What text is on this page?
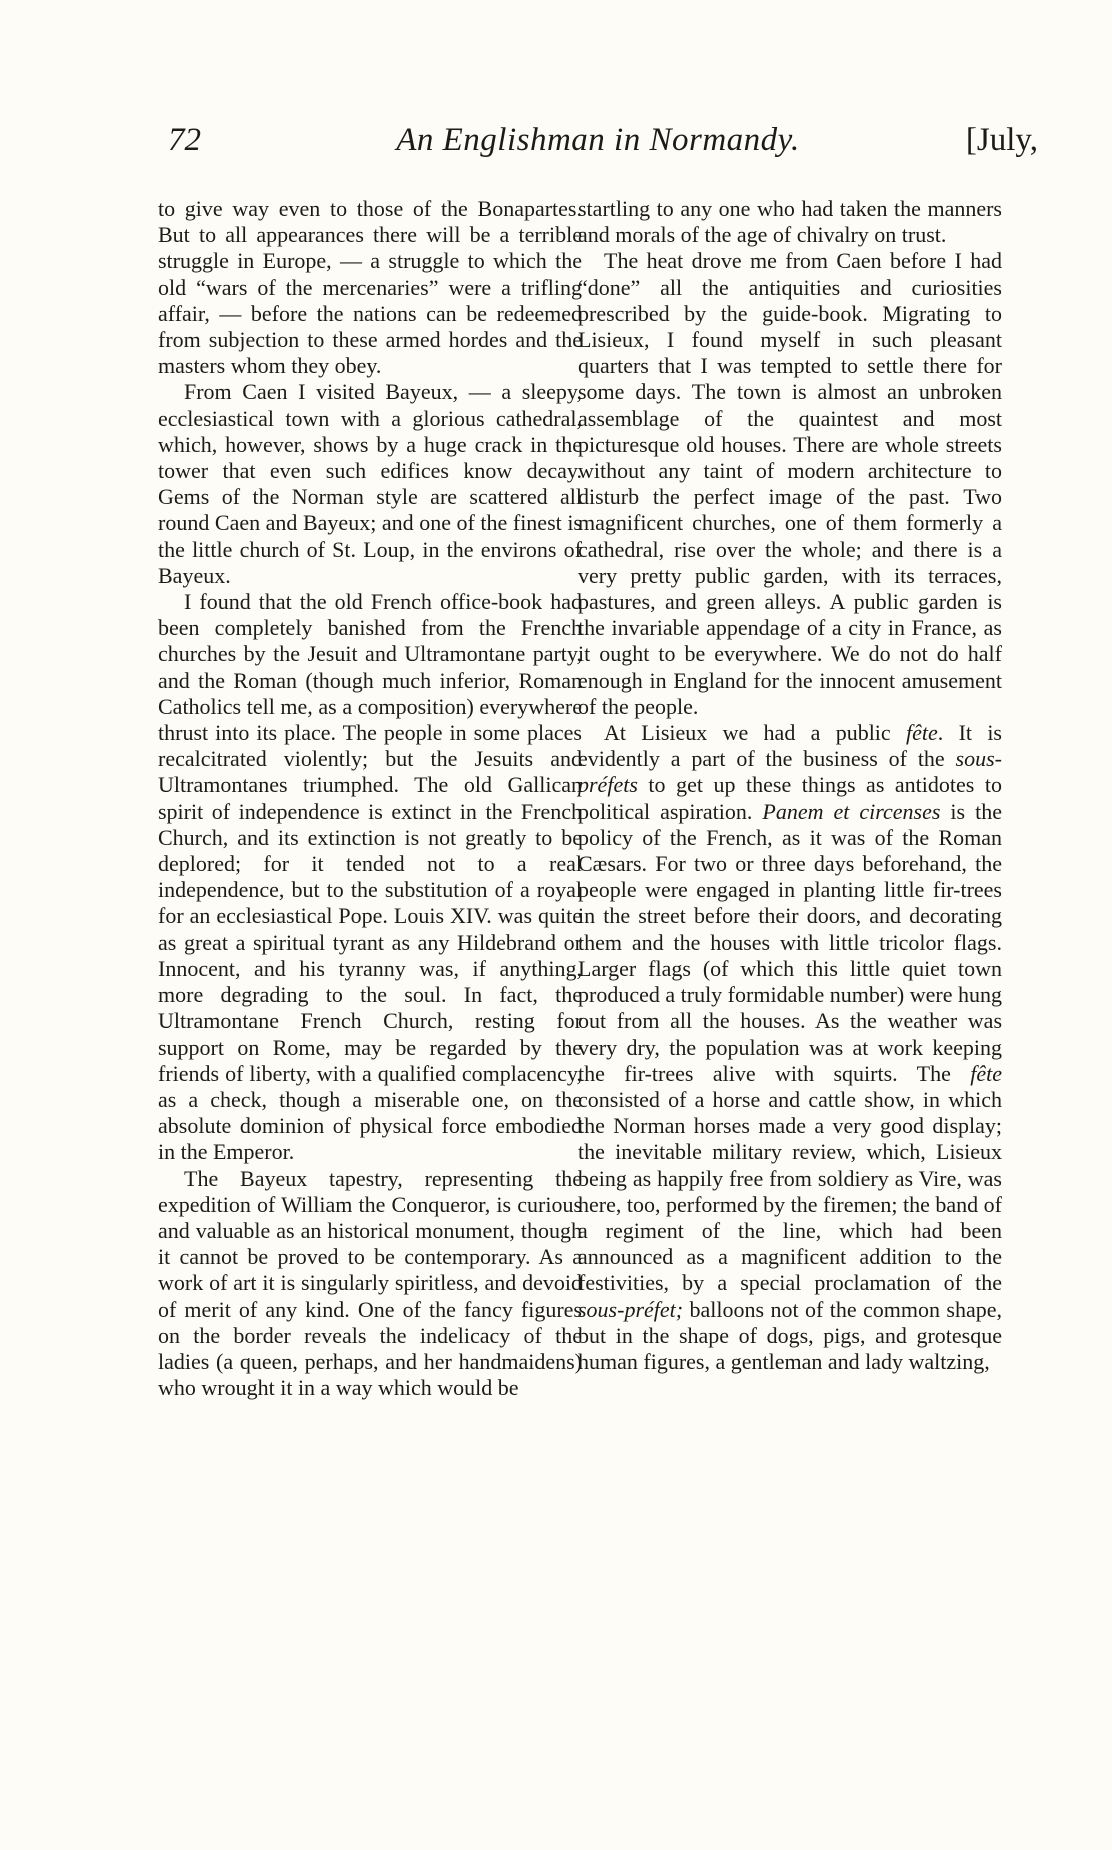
72	An Englishman in Normandy.	[July,

to give way even to those of the Bonapartes. But to all appearances there will be a terrible struggle in Europe, — a struggle to which the old “wars of the mercenaries” were a trifling affair, — before the nations can be redeemed from subjection to these armed hordes and the masters whom they obey.

From Caen I visited Bayeux, — a sleepy, ecclesiastical town with a glorious cathedral, which, however, shows by a huge crack in the tower that even such edifices know decay. Gems of the Norman style are scattered all round Caen and Bayeux; and one of the finest is the little church of St. Loup, in the environs of Bayeux.

I found that the old French office-book had been completely banished from the French churches by the Jesuit and Ultramontane party, and the Roman (though much inferior, Roman Catholics tell me, as a composition) everywhere thrust into its place. The people in some places recalcitrated violently; but the Jesuits and Ultramontanes triumphed. The old Gallican spirit of independence is extinct in the French Church, and its extinction is not greatly to be deplored; for it tended not to a real independence, but to the substitution of a royal for an ecclesiastical Pope. Louis XIV. was quite as great a spiritual tyrant as any Hildebrand or Innocent, and his tyranny was, if anything, more degrading to the soul. In fact, the Ultramontane French Church, resting for support on Rome, may be regarded by the friends of liberty, with a qualified complacency, as a check, though a miserable one, on the absolute dominion of physical force embodied in the Emperor.

The Bayeux tapestry, representing the expedition of William the Conqueror, is curious and valuable as an historical monument, though it cannot be proved to be contemporary. As a work of art it is singularly spiritless, and devoid of merit of any kind. One of the fancy figures on the border reveals the indelicacy of the ladies (a queen, perhaps, and her handmaidens) who wrought it in a way which would be

startling to any one who had taken the manners and morals of the age of chivalry on trust.

The heat drove me from Caen before I had “done” all the antiquities and curiosities prescribed by the guide-book. Migrating to Lisieux, I found myself in such pleasant quarters that I was tempted to settle there for some days. The town is almost an unbroken assemblage of the quaintest and most picturesque old houses. There are whole streets without any taint of modern architecture to disturb the perfect image of the past. Two magnificent churches, one of them formerly a cathedral, rise over the whole; and there is a very pretty public garden, with its terraces, pastures, and green alleys. A public garden is the invariable appendage of a city in France, as it ought to be everywhere. We do not do half enough in England for the innocent amusement of the people.

At Lisieux we had a public fête. It is evidently a part of the business of the sous-préfets to get up these things as antidotes to political aspiration. Panem et circenses is the policy of the French, as it was of the Roman Cæsars. For two or three days beforehand, the people were engaged in planting little fir-trees in the street before their doors, and decorating them and the houses with little tricolor flags. Larger flags (of which this little quiet town produced a truly formidable number) were hung out from all the houses. As the weather was very dry, the population was at work keeping the fir-trees alive with squirts. The fête consisted of a horse and cattle show, in which the Norman horses made a very good display; the inevitable military review, which, Lisieux being as happily free from soldiery as Vire, was here, too, performed by the firemen; the band of a regiment of the line, which had been announced as a magnificent addition to the festivities, by a special proclamation of the sous-préfet; balloons not of the common shape, but in the shape of dogs, pigs, and grotesque human figures, a gentleman and lady waltzing,
